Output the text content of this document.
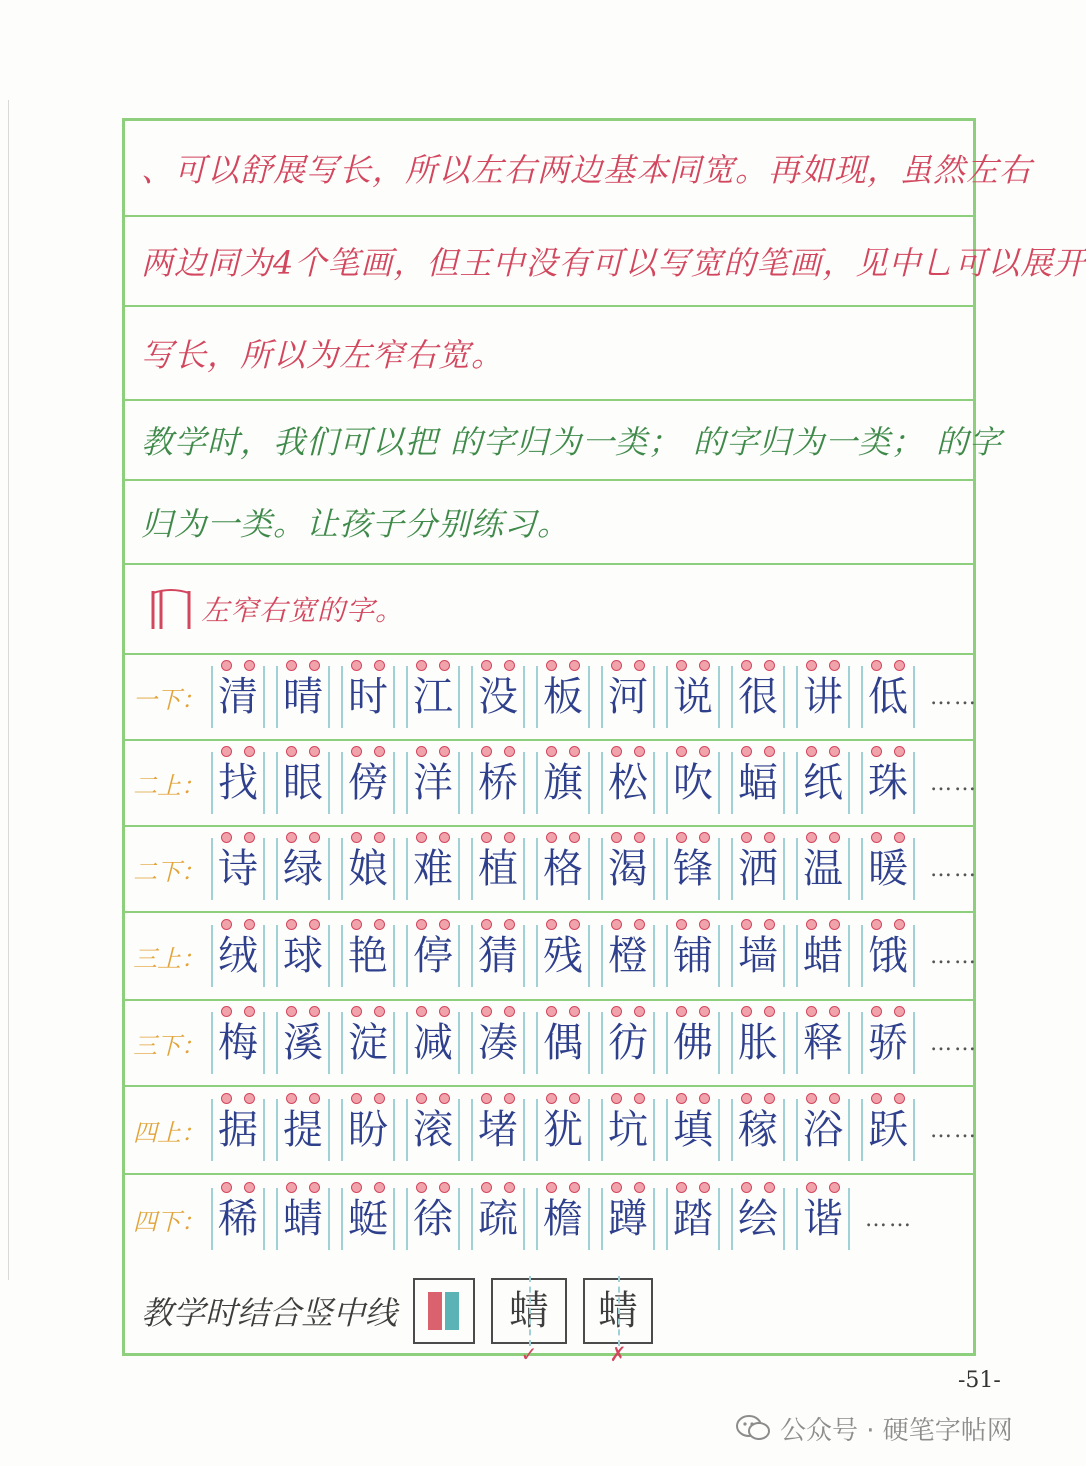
、可以舒展写长，所以左右两边基本同宽。再如现，虽然左右
两边同为4个笔画，但王中没有可以写宽的笔画，见中乚可以展开
写长，所以为左窄右宽。
教学时，我们可以把 的字归为一类； 的字归为一类； 的字
归为一类。让孩子分别练习。
左窄右宽的字。
一下： 清 晴 时 江 没 板 河 说 很 讲 低	……
二上： 找 眼 傍 洋 桥 旗 松 吹 蝠 纸 珠	……
二下： 诗 绿 娘 难 植 格 渴 锋 洒 温 暖	……
三上： 绒 球 艳 停 猜 残 橙 铺 墙 蜡 饿	……
三下： 梅 溪 淀 减 凑 偶 彷 佛 胀 释 骄	……
四上： 据 提 盼 滚 堵 犹 坑 填 稼 浴 跃	……
四下： 稀 蜻 蜓 徐 疏 檐 蹲 踏 绘 谐	……
教学时结合竖中线	蜻
✓
蜻
✗
-51-
公众号 · 硬笔字帖网
